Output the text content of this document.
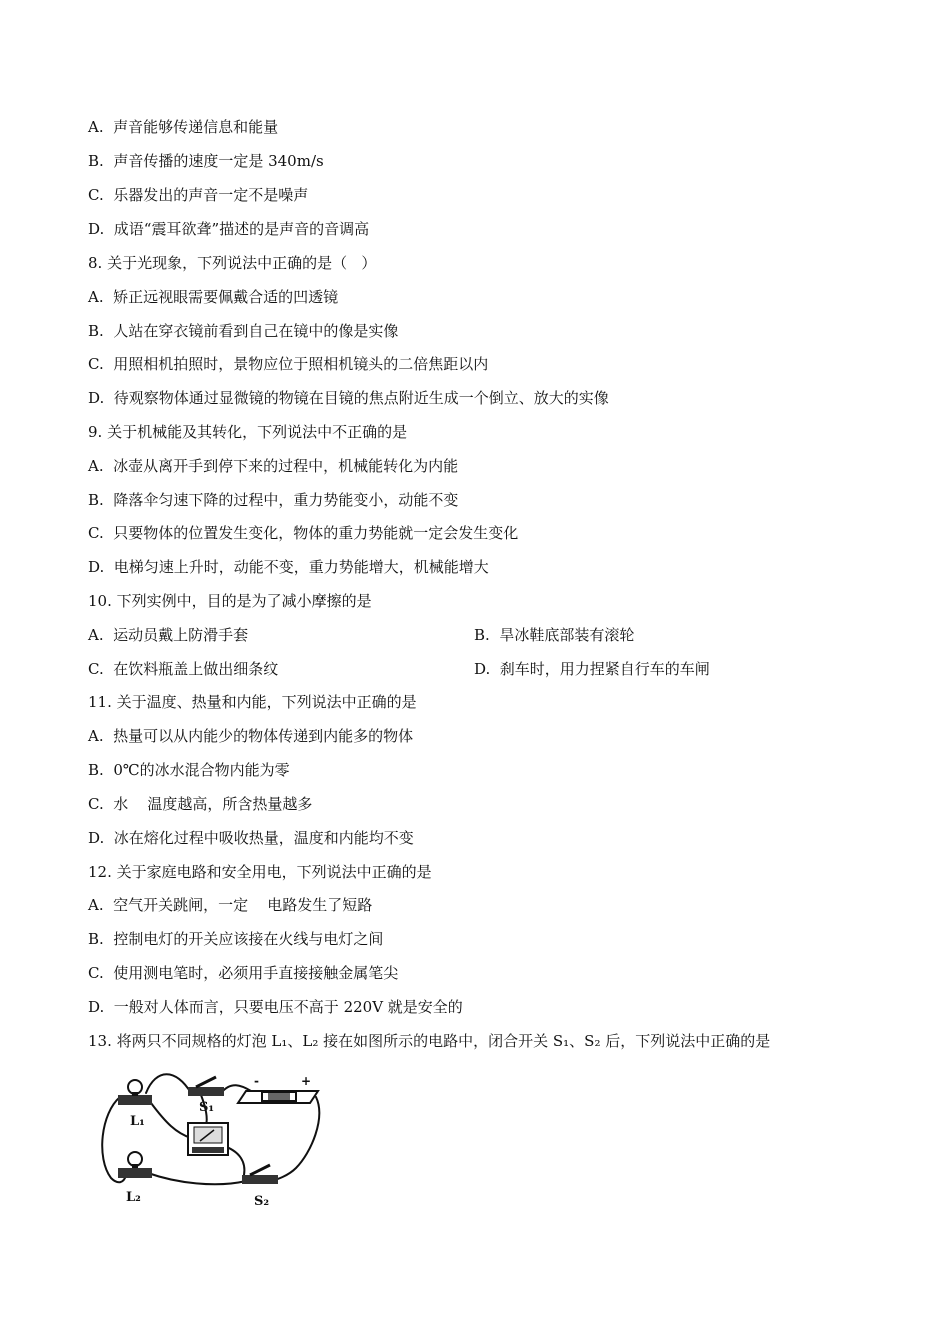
A.  声音能够传递信息和能量
B.  声音传播的速度一定是 340m/s
C.  乐器发出的声音一定不是噪声
D.  成语“震耳欲聋”描述的是声音的音调高
8. 关于光现象，下列说法中正确的是（   ）
A.  矫正远视眼需要佩戴合适的凹透镜
B.  人站在穿衣镜前看到自己在镜中的像是实像
C.  用照相机拍照时，景物应位于照相机镜头的二倍焦距以内
D.  待观察物体通过显微镜的物镜在目镜的焦点附近生成一个倒立、放大的实像
9. 关于机械能及其转化，下列说法中不正确的是
A.  冰壶从离开手到停下来的过程中，机械能转化为内能
B.  降落伞匀速下降的过程中，重力势能变小，动能不变
C.  只要物体的位置发生变化，物体的重力势能就一定会发生变化
D.  电梯匀速上升时，动能不变，重力势能增大，机械能增大
10. 下列实例中，目的是为了减小摩擦的是
A.  运动员戴上防滑手套	B.  旱冰鞋底部装有滚轮
C.  在饮料瓶盖上做出细条纹	D.  刹车时，用力捏紧自行车的车闸
11. 关于温度、热量和内能，下列说法中正确的是
A.  热量可以从内能少的物体传递到内能多的物体
B.  0℃的冰水混合物内能为零
C.  水    温度越高，所含热量越多
D.  冰在熔化过程中吸收热量，温度和内能均不变
12. 关于家庭电路和安全用电，下列说法中正确的是
A.  空气开关跳闸，一定    电路发生了短路
B.  控制电灯的开关应该接在火线与电灯之间
C.  使用测电笔时，必须用手直接接触金属笔尖
D.  一般对人体而言，只要电压不高于 220V 就是安全的
13. 将两只不同规格的灯泡 L₁、L₂ 接在如图所示的电路中，闭合开关 S₁、S₂ 后，下列说法中正确的是
L₁
L₂
S₁
S₂
-	+
